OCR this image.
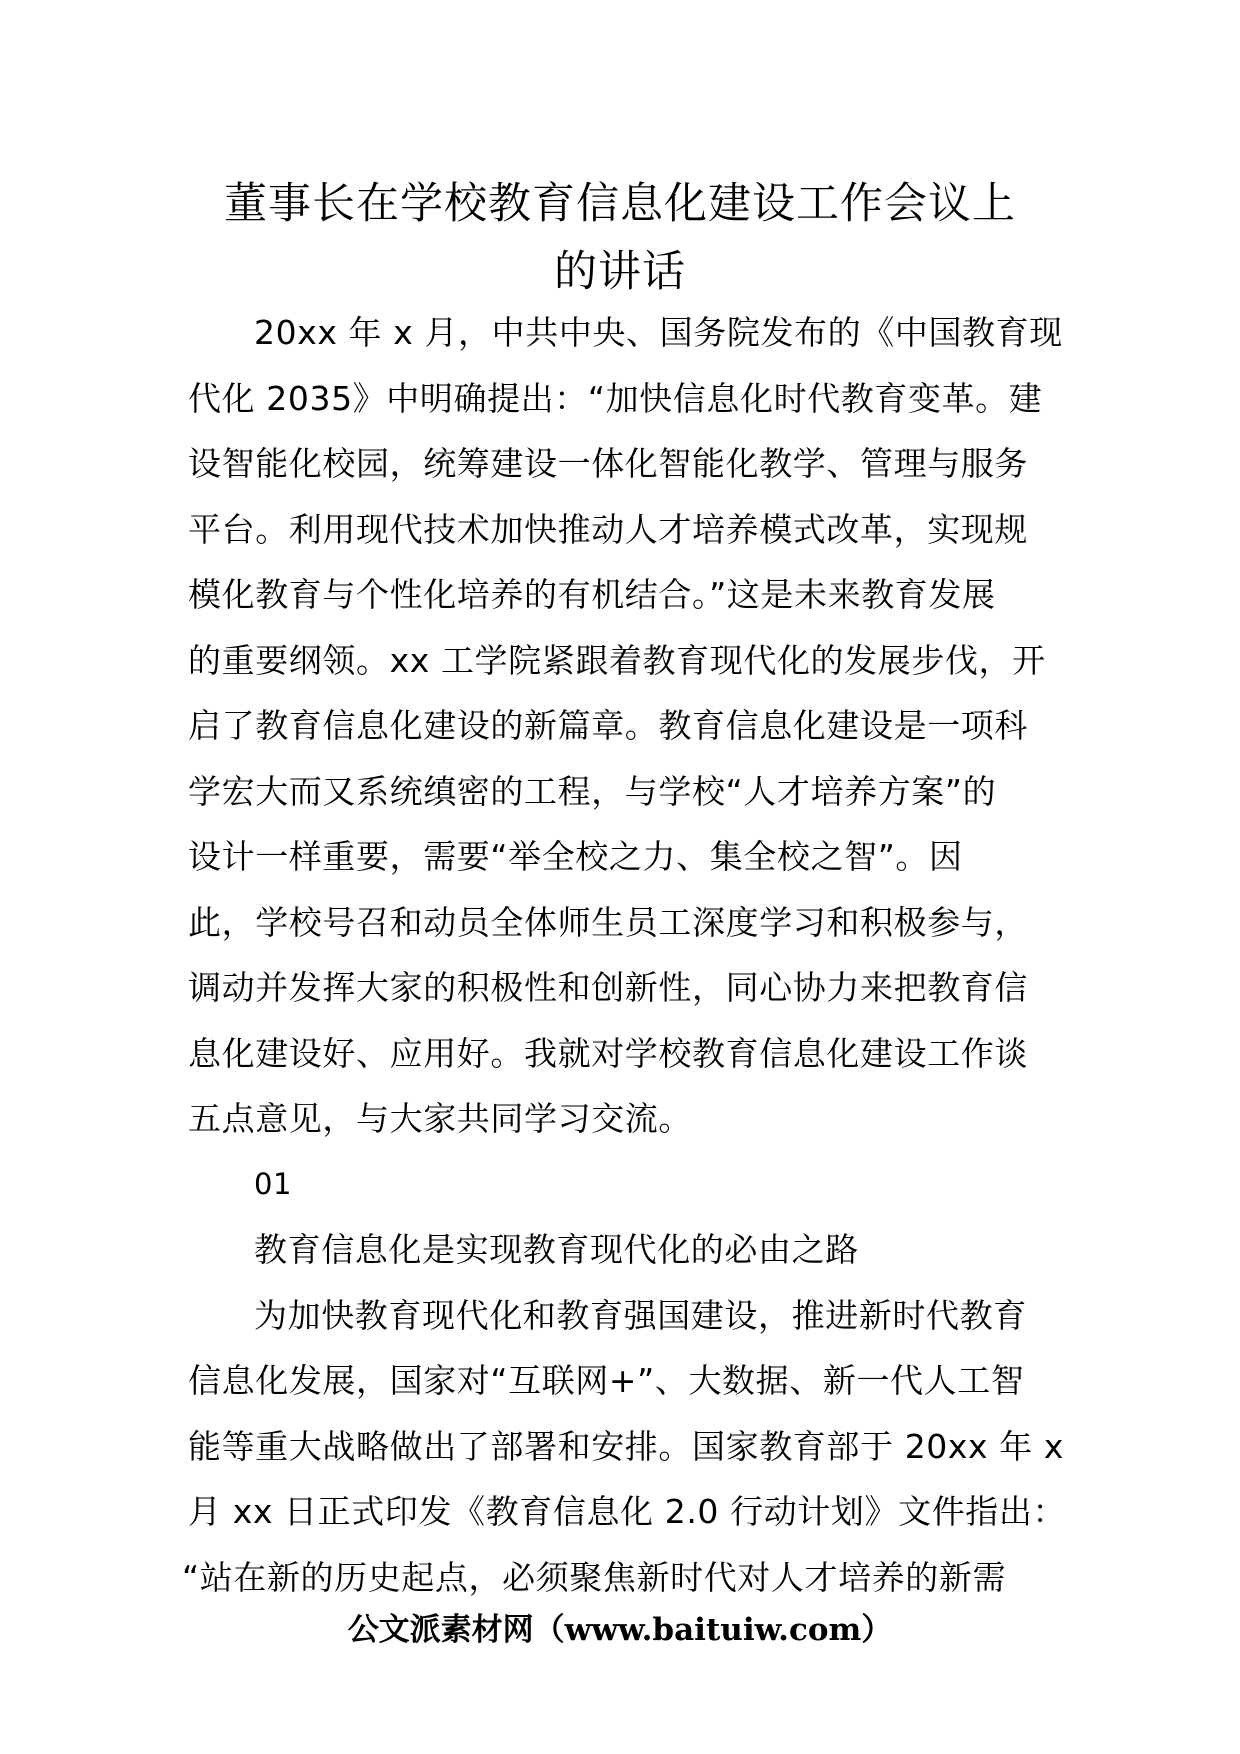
董事长在学校教育信息化建设工作会议上
的讲话
20xx 年 x 月，中共中央、国务院发布的《中国教育现
代化 2035》中明确提出：“加快信息化时代教育变革。建
设智能化校园，统筹建设一体化智能化教学、管理与服务
平台。利用现代技术加快推动人才培养模式改革，实现规
模化教育与个性化培养的有机结合。”这是未来教育发展
的重要纲领。xx 工学院紧跟着教育现代化的发展步伐，开
启了教育信息化建设的新篇章。教育信息化建设是一项科
学宏大而又系统缜密的工程，与学校“人才培养方案”的
设计一样重要，需要“举全校之力、集全校之智”。因
此，学校号召和动员全体师生员工深度学习和积极参与，
调动并发挥大家的积极性和创新性，同心协力来把教育信
息化建设好、应用好。我就对学校教育信息化建设工作谈
五点意见，与大家共同学习交流。
01
教育信息化是实现教育现代化的必由之路
为加快教育现代化和教育强国建设，推进新时代教育
信息化发展，国家对“互联网+”、大数据、新一代人工智
能等重大战略做出了部署和安排。国家教育部于 20xx 年 x
月 xx 日正式印发《教育信息化 2.0 行动计划》文件指出：
“站在新的历史起点，必须聚焦新时代对人才培养的新需
公文派素材网（www.baituiw.com）
